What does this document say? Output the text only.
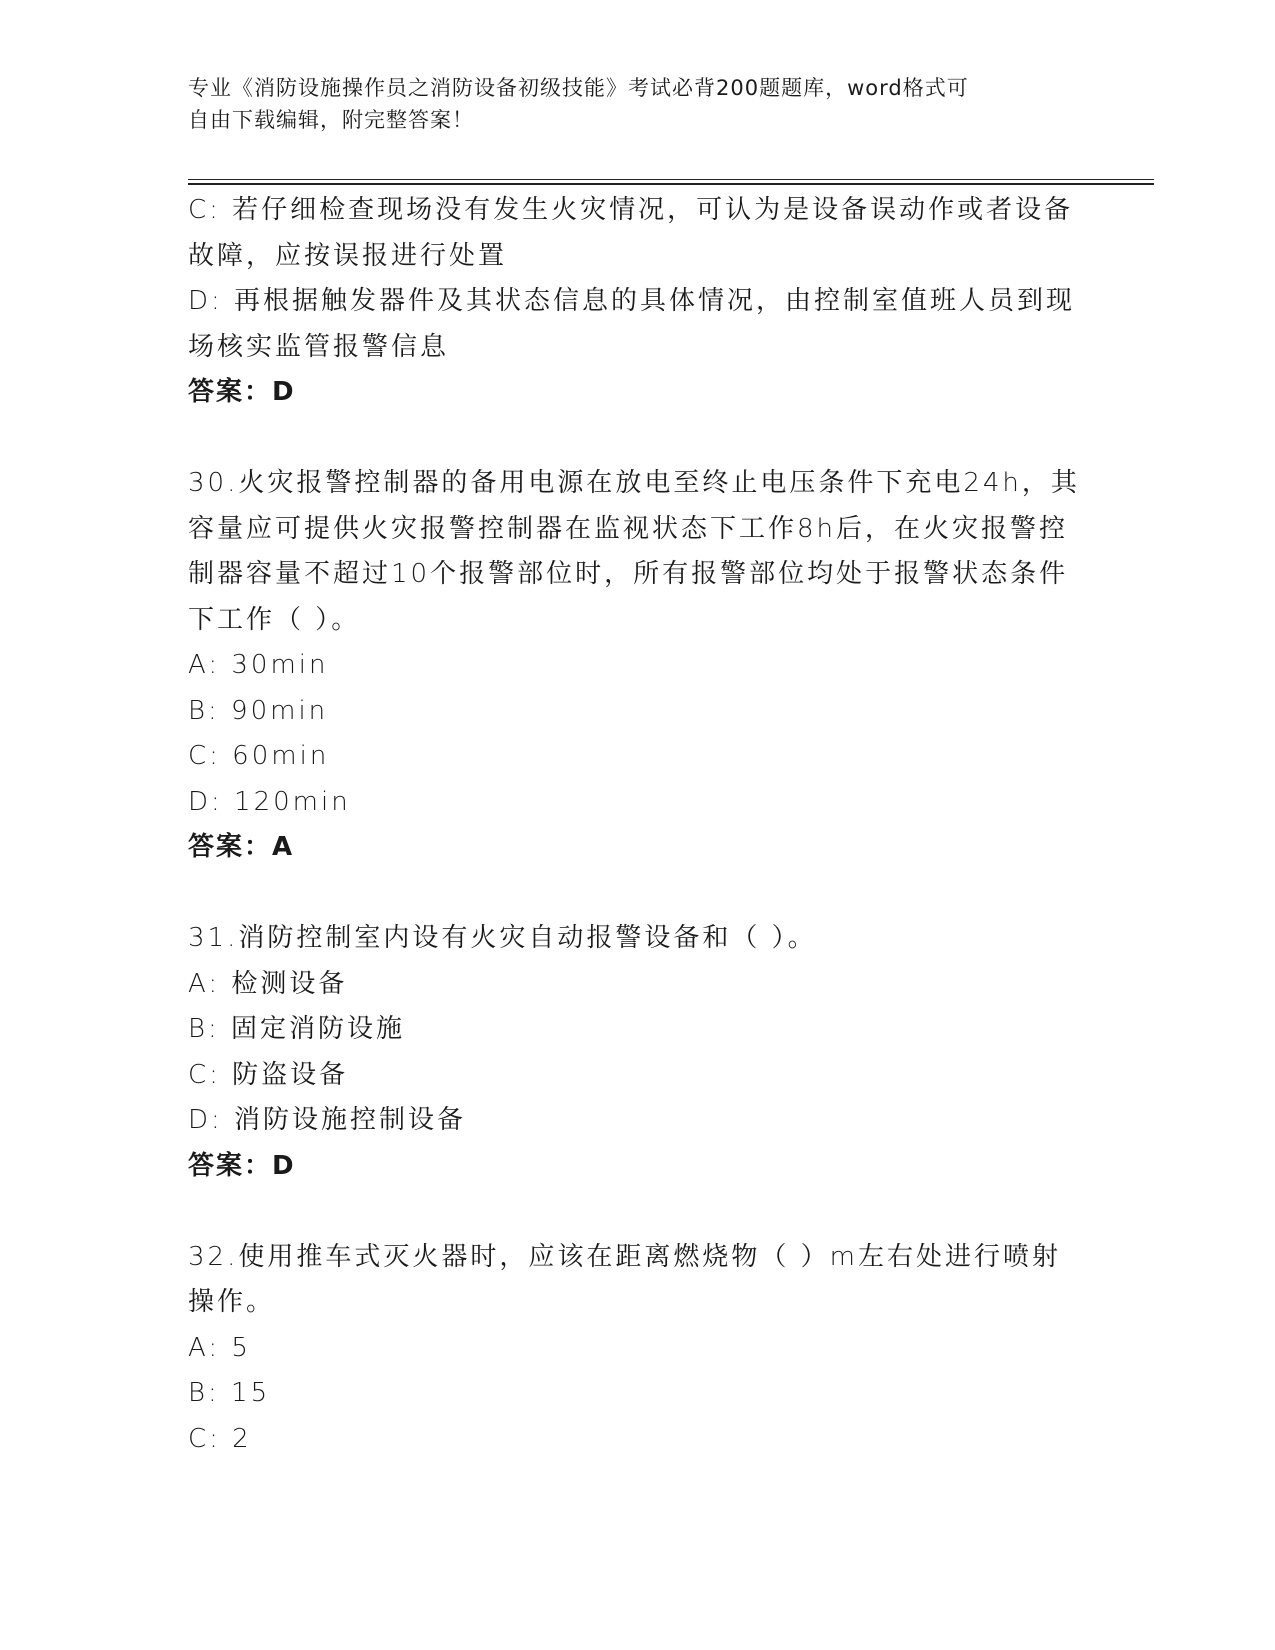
专业《消防设施操作员之消防设备初级技能》考试必背200题题库，word格式可
自由下载编辑，附完整答案！
C: 若仔细检查现场没有发生火灾情况，可认为是设备误动作或者设备
故障，应按误报进行处置
D: 再根据触发器件及其状态信息的具体情况，由控制室值班人员到现
场核实监管报警信息
答案：D
30.火灾报警控制器的备用电源在放电至终止电压条件下充电24h，其
容量应可提供火灾报警控制器在监视状态下工作8h后，在火灾报警控
制器容量不超过10个报警部位时，所有报警部位均处于报警状态条件
下工作（ ）。
A: 30min
B: 90min
C: 60min
D: 120min
答案：A
31.消防控制室内设有火灾自动报警设备和（ ）。
A: 检测设备
B: 固定消防设施
C: 防盗设备
D: 消防设施控制设备
答案：D
32.使用推车式灭火器时，应该在距离燃烧物（ ）m左右处进行喷射
操作。
A: 5
B: 15
C: 2
